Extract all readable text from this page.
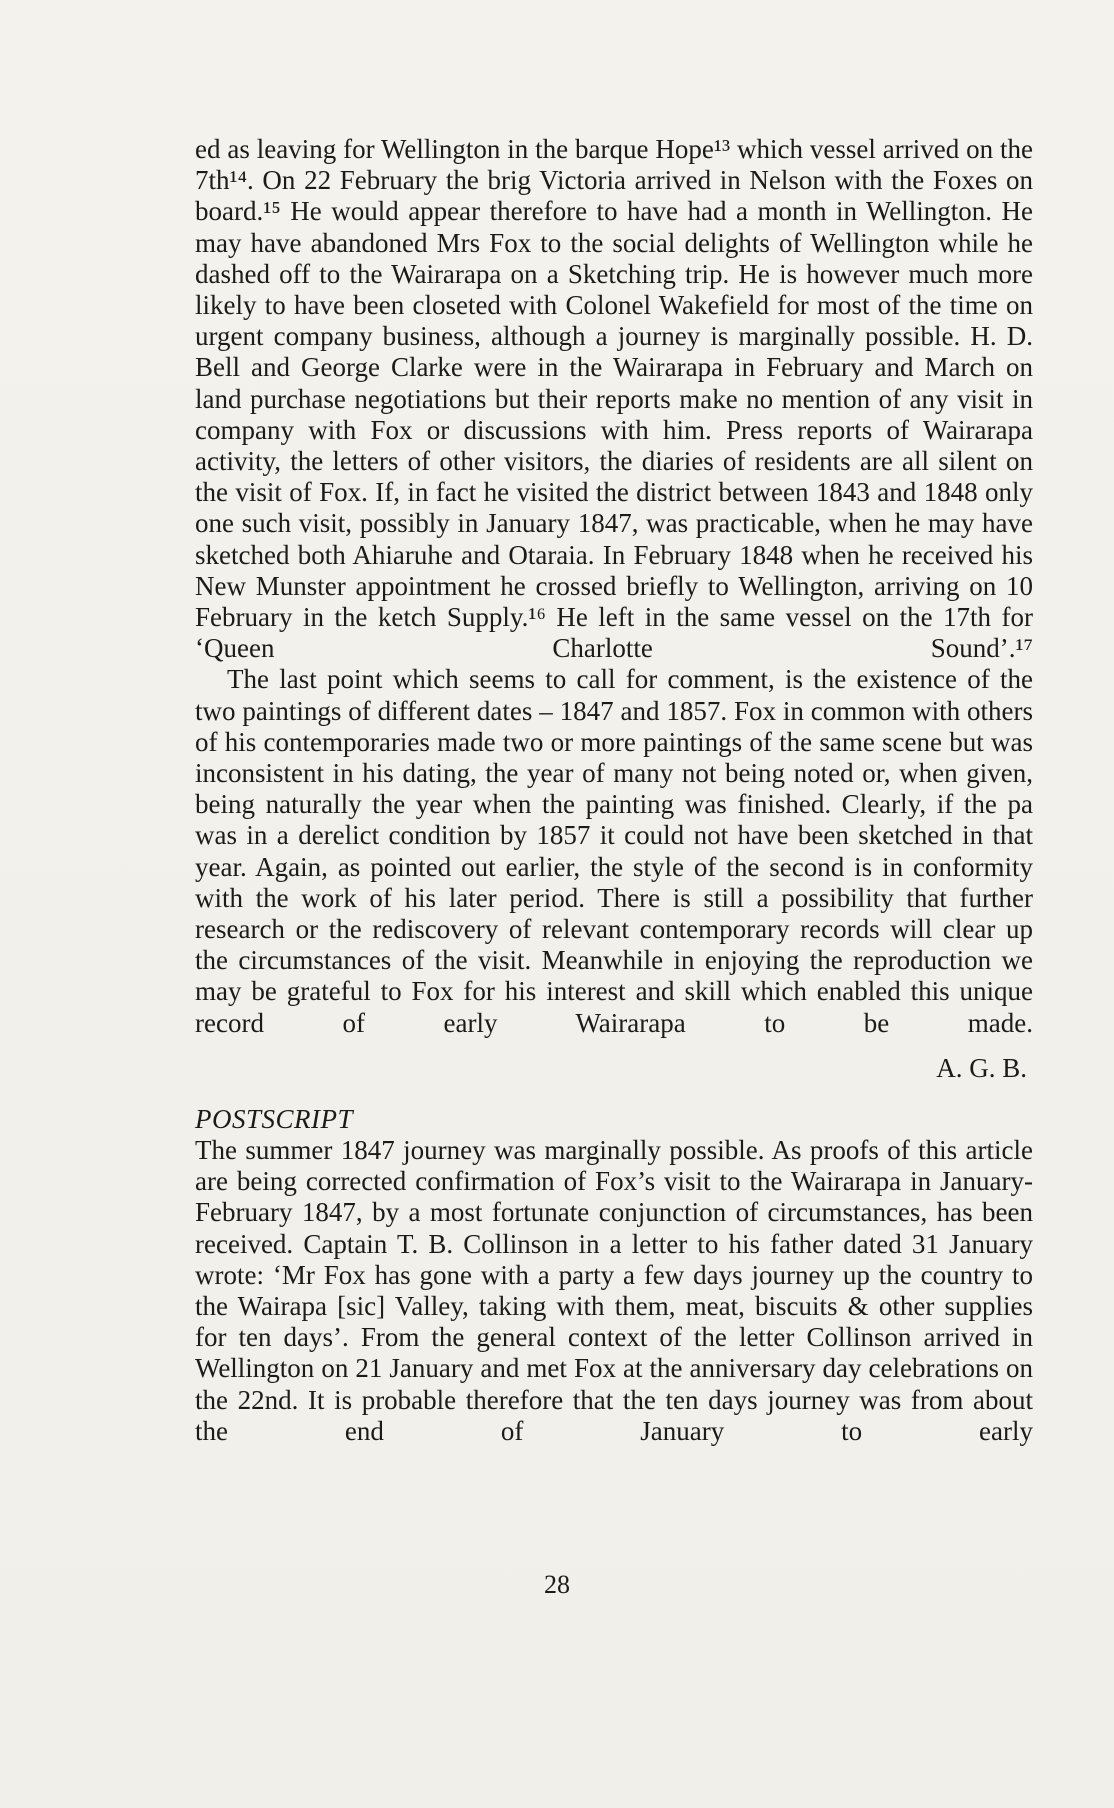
ed as leaving for Wellington in the barque Hope¹³ which vessel arrived on the 7th¹⁴. On 22 February the brig Victoria arrived in Nelson with the Foxes on board.¹⁵ He would appear therefore to have had a month in Wellington. He may have abandoned Mrs Fox to the social delights of Wellington while he dashed off to the Wairarapa on a Sketching trip. He is however much more likely to have been closeted with Colonel Wakefield for most of the time on urgent company business, although a journey is marginally possible. H. D. Bell and George Clarke were in the Wairarapa in February and March on land purchase negotiations but their reports make no mention of any visit in company with Fox or discussions with him. Press reports of Wairarapa activity, the letters of other visitors, the diaries of residents are all silent on the visit of Fox. If, in fact he visited the district between 1843 and 1848 only one such visit, possibly in January 1847, was practicable, when he may have sketched both Ahiaruhe and Otaraia. In February 1848 when he received his New Munster appointment he crossed briefly to Wellington, arriving on 10 February in the ketch Supply.¹⁶ He left in the same vessel on the 17th for ‘Queen Charlotte Sound’.¹⁷

The last point which seems to call for comment, is the existence of the two paintings of different dates – 1847 and 1857. Fox in common with others of his contemporaries made two or more paintings of the same scene but was inconsistent in his dating, the year of many not being noted or, when given, being naturally the year when the painting was finished. Clearly, if the pa was in a derelict condition by 1857 it could not have been sketched in that year. Again, as pointed out earlier, the style of the second is in conformity with the work of his later period. There is still a possibility that further research or the rediscovery of relevant contemporary records will clear up the circumstances of the visit. Meanwhile in enjoying the reproduction we may be grateful to Fox for his interest and skill which enabled this unique record of early Wairarapa to be made.

A. G. B.

POSTSCRIPT

The summer 1847 journey was marginally possible. As proofs of this article are being corrected confirmation of Fox’s visit to the Wairarapa in January-February 1847, by a most fortunate conjunction of circumstances, has been received. Captain T. B. Collinson in a letter to his father dated 31 January wrote: ‘Mr Fox has gone with a party a few days journey up the country to the Wairapa [sic] Valley, taking with them, meat, biscuits & other supplies for ten days’. From the general context of the letter Collinson arrived in Wellington on 21 January and met Fox at the anniversary day celebrations on the 22nd. It is probable therefore that the ten days journey was from about the end of January to early

28
